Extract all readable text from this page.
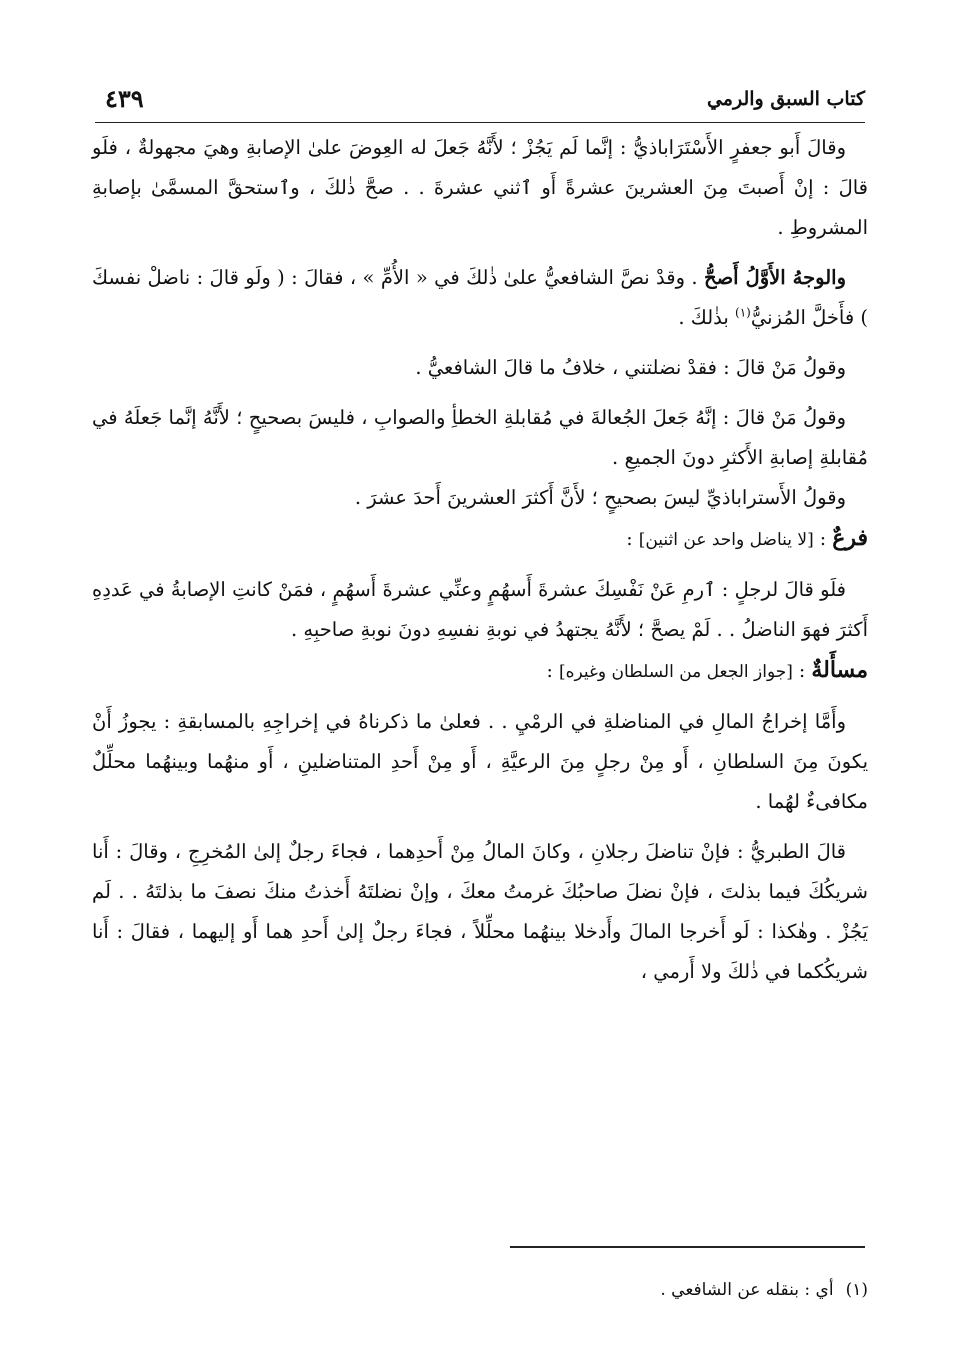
كتاب السبق والرمي
٤٣٩

وقالَ أَبو جعفرٍ الأَسْتَرَاباذيُّ : إنَّما لَم يَجُزْ ؛ لأَنَّهُ جَعلَ له العِوضَ علىٰ الإصابةِ وهيَ مجهولةٌ ، فلَو قالَ : إنْ أَصبتَ مِنَ العشرينَ عشرةً أَو ٱثني عشرةَ . . صحَّ ذٰلكَ ، وٱستحقَّ المسمَّىٰ بإصابةِ المشروطِ .

والوجهُ الأَوَّلُ أَصحُّ . وقدْ نصَّ الشافعيُّ علىٰ ذٰلكَ في « الأُمِّ » ، فقالَ : ( ولَو قالَ : ناضلْ نفسكَ ) فأَخلَّ المُزنيُّ$^{(١)}$ بذٰلكَ .

وقولُ مَنْ قالَ : فقدْ نضلتني ، خلافُ ما قالَ الشافعيُّ .

وقولُ مَنْ قالَ : إنَّهُ جَعلَ الجُعالةَ في مُقابلةِ الخطأِ والصوابِ ، فليسَ بصحيحٍ ؛ لأَنَّهُ إنَّما جَعلَهُ في مُقابلةِ إصابةِ الأَكثرِ دونَ الجميعِ .

وقولُ الأَستراباذيِّ ليسَ بصحيحٍ ؛ لأَنَّ أَكثرَ العشرينَ أَحدَ عشرَ .

فرعٌ : [لا يناضل واحد عن اثنين] :

فلَو قالَ لرجلٍ : ٱرمِ عَنْ نَفْسِكَ عشرةَ أَسهُمٍ وعنِّي عشرةَ أَسهُمٍ ، فمَنْ كانتِ الإصابةُ في عَددِهِ أَكثرَ فهوَ الناضلُ . . لَمْ يصحَّ ؛ لأَنَّهُ يجتهدُ في نوبةِ نفسِهِ دونَ نوبةِ صاحبِهِ .

مسأَلةٌ : [جواز الجعل من السلطان وغيره] :

وأَمَّا إخراجُ المالِ في المناضلةِ في الرمْيِ . . فعلىٰ ما ذكرناهُ في إخراجِهِ بالمسابقةِ : يجوزُ أَنْ يكونَ مِنَ السلطانِ ، أَو مِنْ رجلٍ مِنَ الرعيَّةِ ، أَو مِنْ أَحدِ المتناضلينِ ، أَو منهُما وبينهُما محلِّلٌ مكافىءٌ لهُما .

قالَ الطبريُّ : فإنْ تناضلَ رجلانِ ، وكانَ المالُ مِنْ أَحدِهما ، فجاءَ رجلٌ إلىٰ المُخرِجِ ، وقالَ : أَنا شريكُكَ فيما بذلتَ ، فإنْ نضلَ صاحبُكَ غرمتُ معكَ ، وإنْ نضلتَهُ أَخذتُ منكَ نصفَ ما بذلتَهُ . . لَم يَجُزْ . وهٰكذا : لَو أَخرجا المالَ وأَدخلا بينهُما محلِّلاً ، فجاءَ رجلٌ إلىٰ أَحدِ هما أَو إليهما ، فقالَ : أَنا شريكُكما في ذٰلكَ ولا أَرمي ،

(١)أي : بنقله عن الشافعي .
